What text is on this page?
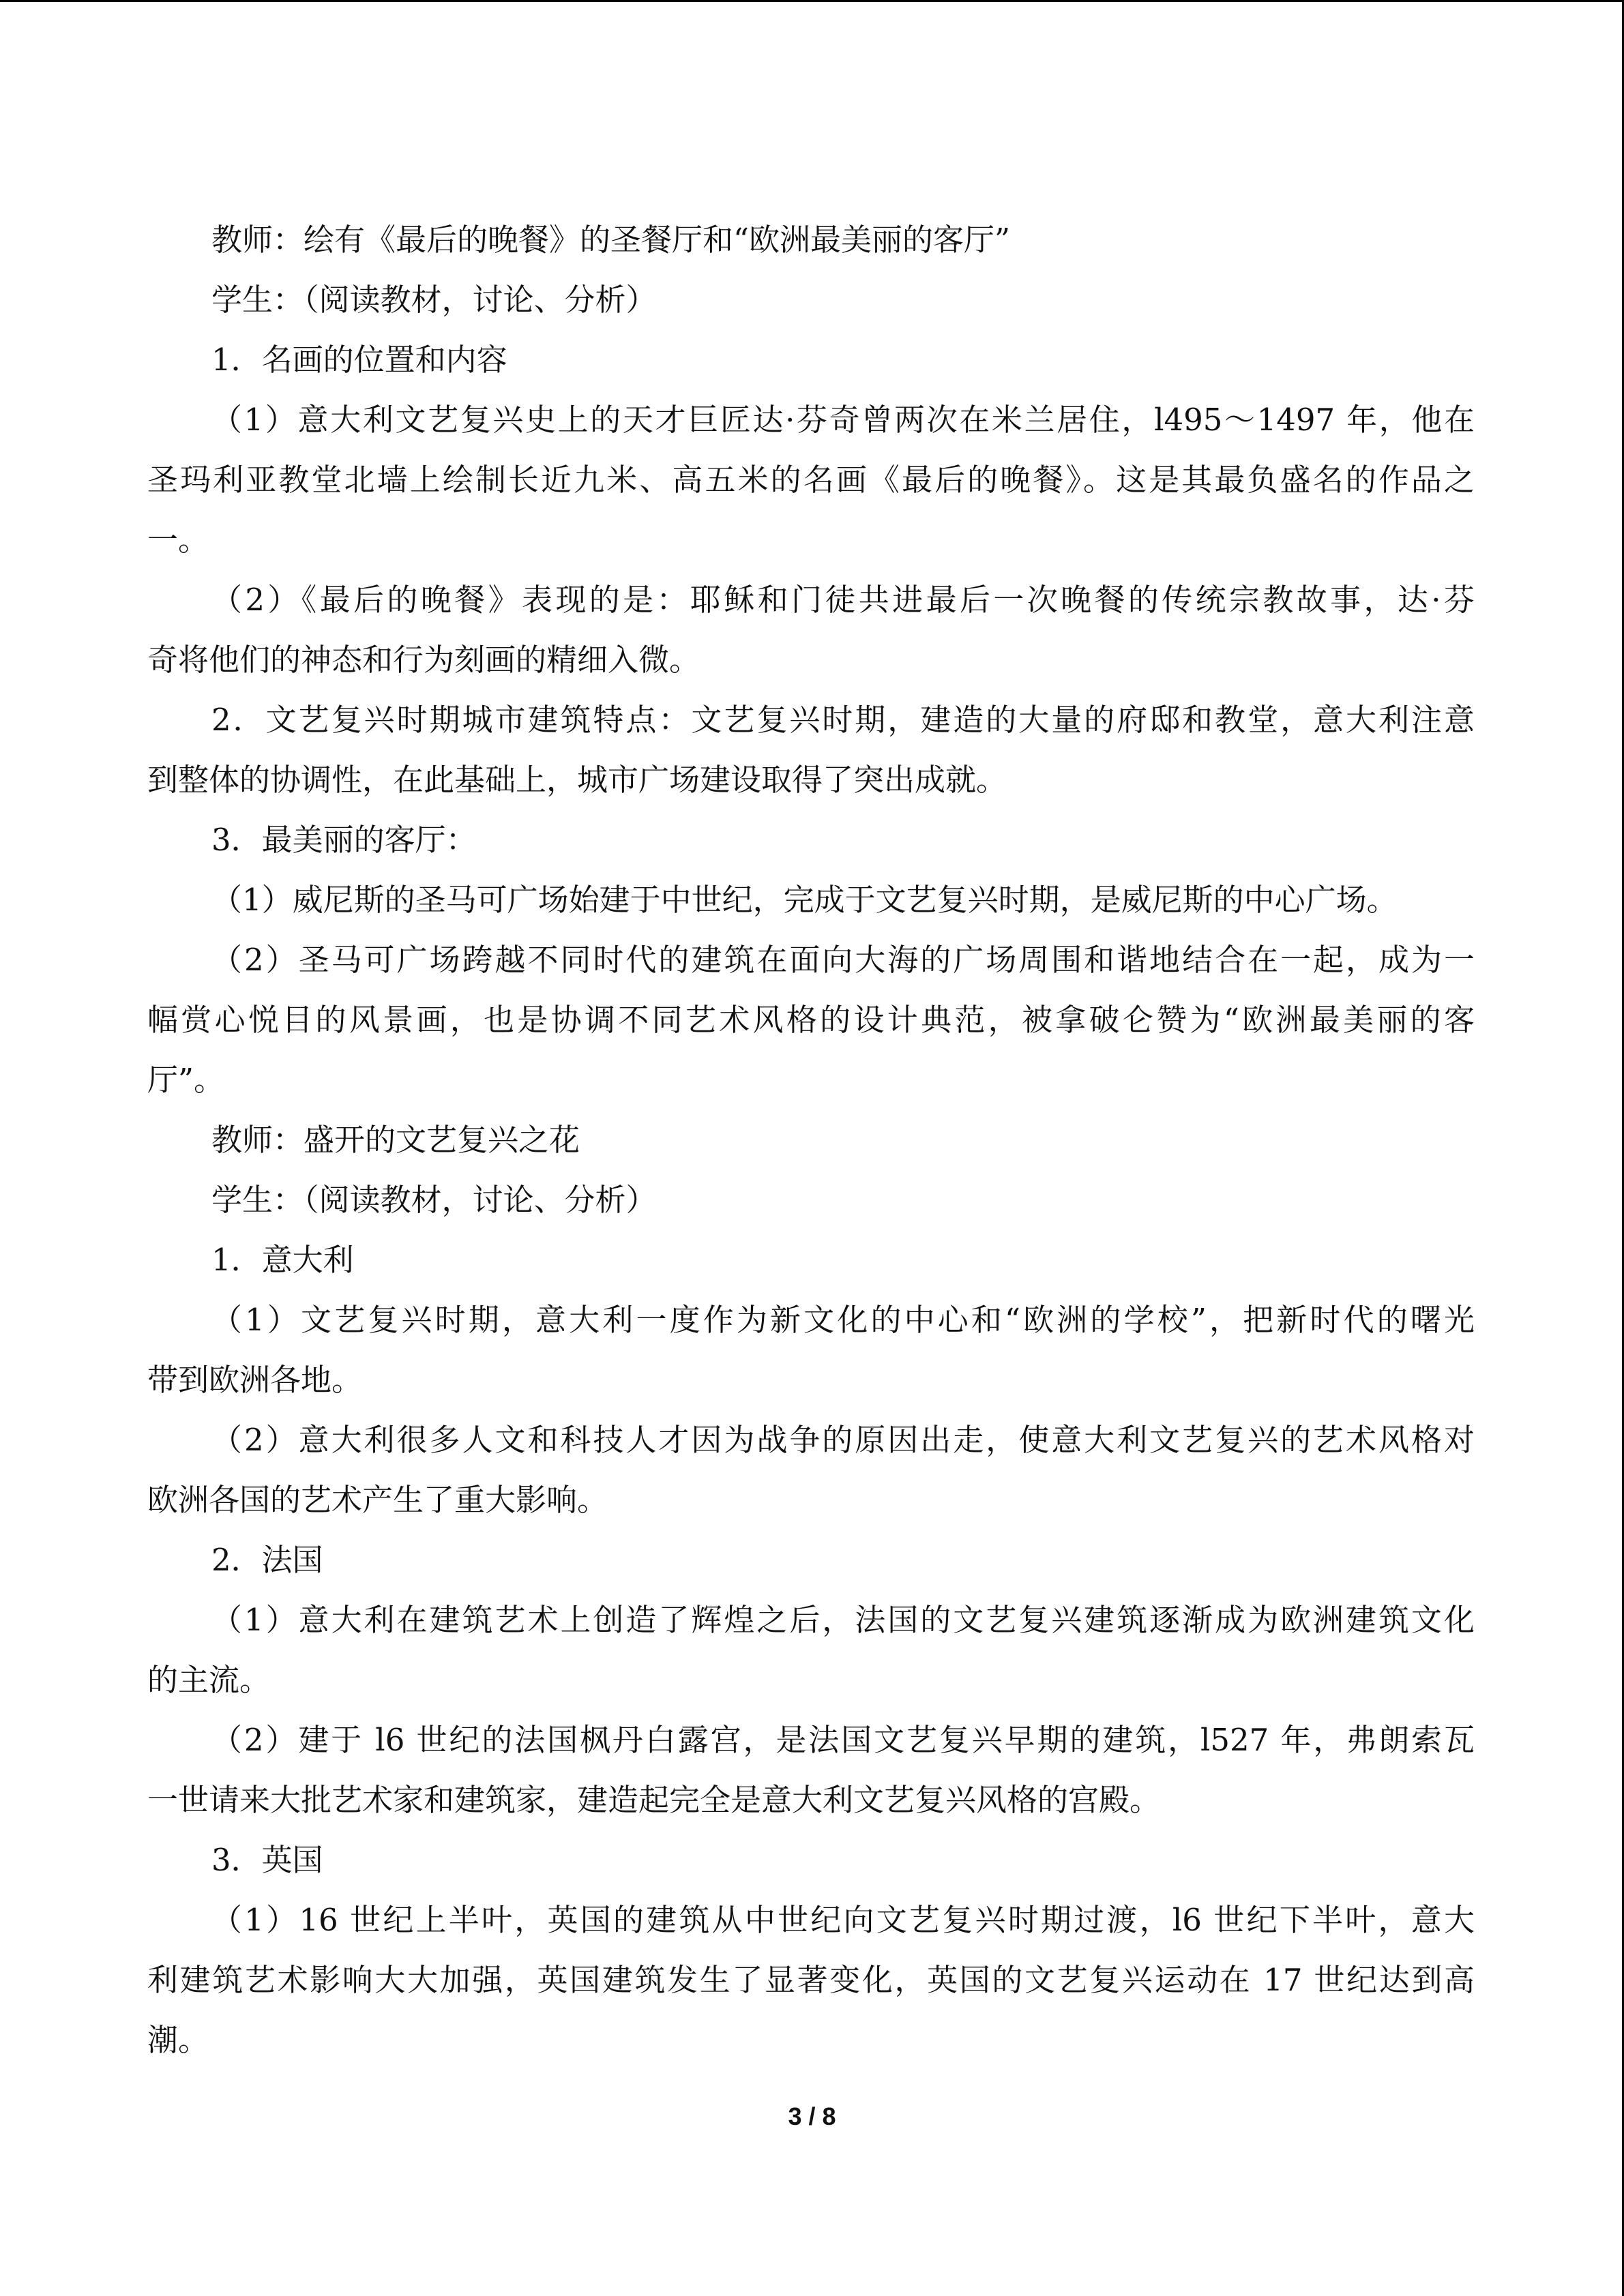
教师：绘有《最后的晚餐》的圣餐厅和“欧洲最美丽的客厅”
学生：（阅读教材，讨论、分析）
1．名画的位置和内容
（1）意大利文艺复兴史上的天才巨匠达·芬奇曾两次在米兰居住，l495～1497 年，他在
圣玛利亚教堂北墙上绘制长近九米、高五米的名画《最后的晚餐》。这是其最负盛名的作品之
一。
（2）《最后的晚餐》表现的是：耶稣和门徒共进最后一次晚餐的传统宗教故事，达·芬
奇将他们的神态和行为刻画的精细入微。
2．文艺复兴时期城市建筑特点：文艺复兴时期，建造的大量的府邸和教堂，意大利注意
到整体的协调性，在此基础上，城市广场建设取得了突出成就。
3．最美丽的客厅：
（1）威尼斯的圣马可广场始建于中世纪，完成于文艺复兴时期，是威尼斯的中心广场。
（2）圣马可广场跨越不同时代的建筑在面向大海的广场周围和谐地结合在一起，成为一
幅赏心悦目的风景画，也是协调不同艺术风格的设计典范，被拿破仑赞为“欧洲最美丽的客
厅”。
教师：盛开的文艺复兴之花
学生：（阅读教材，讨论、分析）
1．意大利
（1）文艺复兴时期，意大利一度作为新文化的中心和“欧洲的学校”，把新时代的曙光
带到欧洲各地。
（2）意大利很多人文和科技人才因为战争的原因出走，使意大利文艺复兴的艺术风格对
欧洲各国的艺术产生了重大影响。
2．法国
（1）意大利在建筑艺术上创造了辉煌之后，法国的文艺复兴建筑逐渐成为欧洲建筑文化
的主流。
（2）建于 l6 世纪的法国枫丹白露宫，是法国文艺复兴早期的建筑，l527 年，弗朗索瓦
一世请来大批艺术家和建筑家，建造起完全是意大利文艺复兴风格的宫殿。
3．英国
（1）16 世纪上半叶，英国的建筑从中世纪向文艺复兴时期过渡，l6 世纪下半叶，意大
利建筑艺术影响大大加强，英国建筑发生了显著变化，英国的文艺复兴运动在 17 世纪达到高
潮。
3 / 8
